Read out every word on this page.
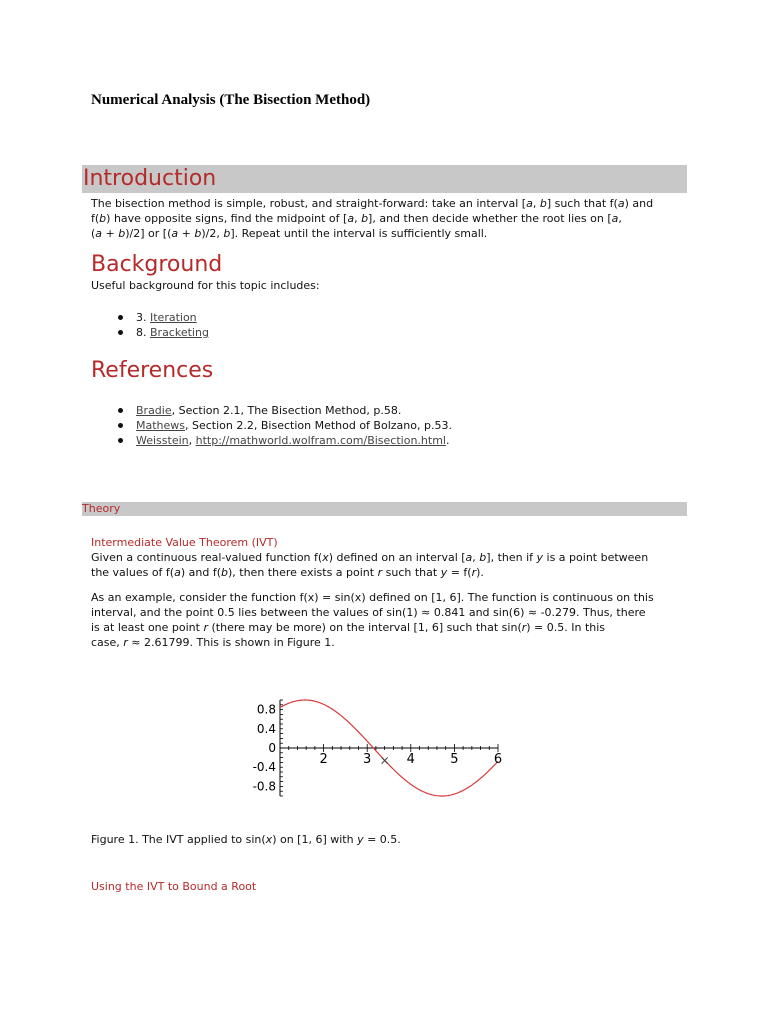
Numerical Analysis (The Bisection Method)
Introduction

The bisection method is simple, robust, and straight-forward: take an interval [a, b] such that f(a) and
f(b) have opposite signs, find the midpoint of [a, b], and then decide whether the root lies on [a,
(a + b)/2] or [(a + b)/2, b]. Repeat until the interval is sufficiently small.

Background

Useful background for this topic includes:

3. Iteration
8. Bracketing
References
Bradie, Section 2.1, The Bisection Method, p.58.
Mathews, Section 2.2, Bisection Method of Bolzano, p.53.
Weisstein, http://mathworld.wolfram.com/Bisection.html.
Theory
Intermediate Value Theorem (IVT)

Given a continuous real-valued function f(x) defined on an interval [a, b], then if y is a point between
the values of f(a) and f(b), then there exists a point r such that y = f(r).

As an example, consider the function f(x) = sin(x) defined on [1, 6]. The function is continuous on this
interval, and the point 0.5 lies between the values of sin(1) ≈ 0.841 and sin(6) ≈ -0.279. Thus, there
is at least one point r (there may be more) on the interval [1, 6] such that sin(r) = 0.5. In this
case, r ≈ 2.61799. This is shown in Figure 1.

2	3	4	5	6
0.8
0.4
0
-0.4
-0.8
×

Figure 1. The IVT applied to sin(x) on [1, 6] with y = 0.5.

Using the IVT to Bound a Root
